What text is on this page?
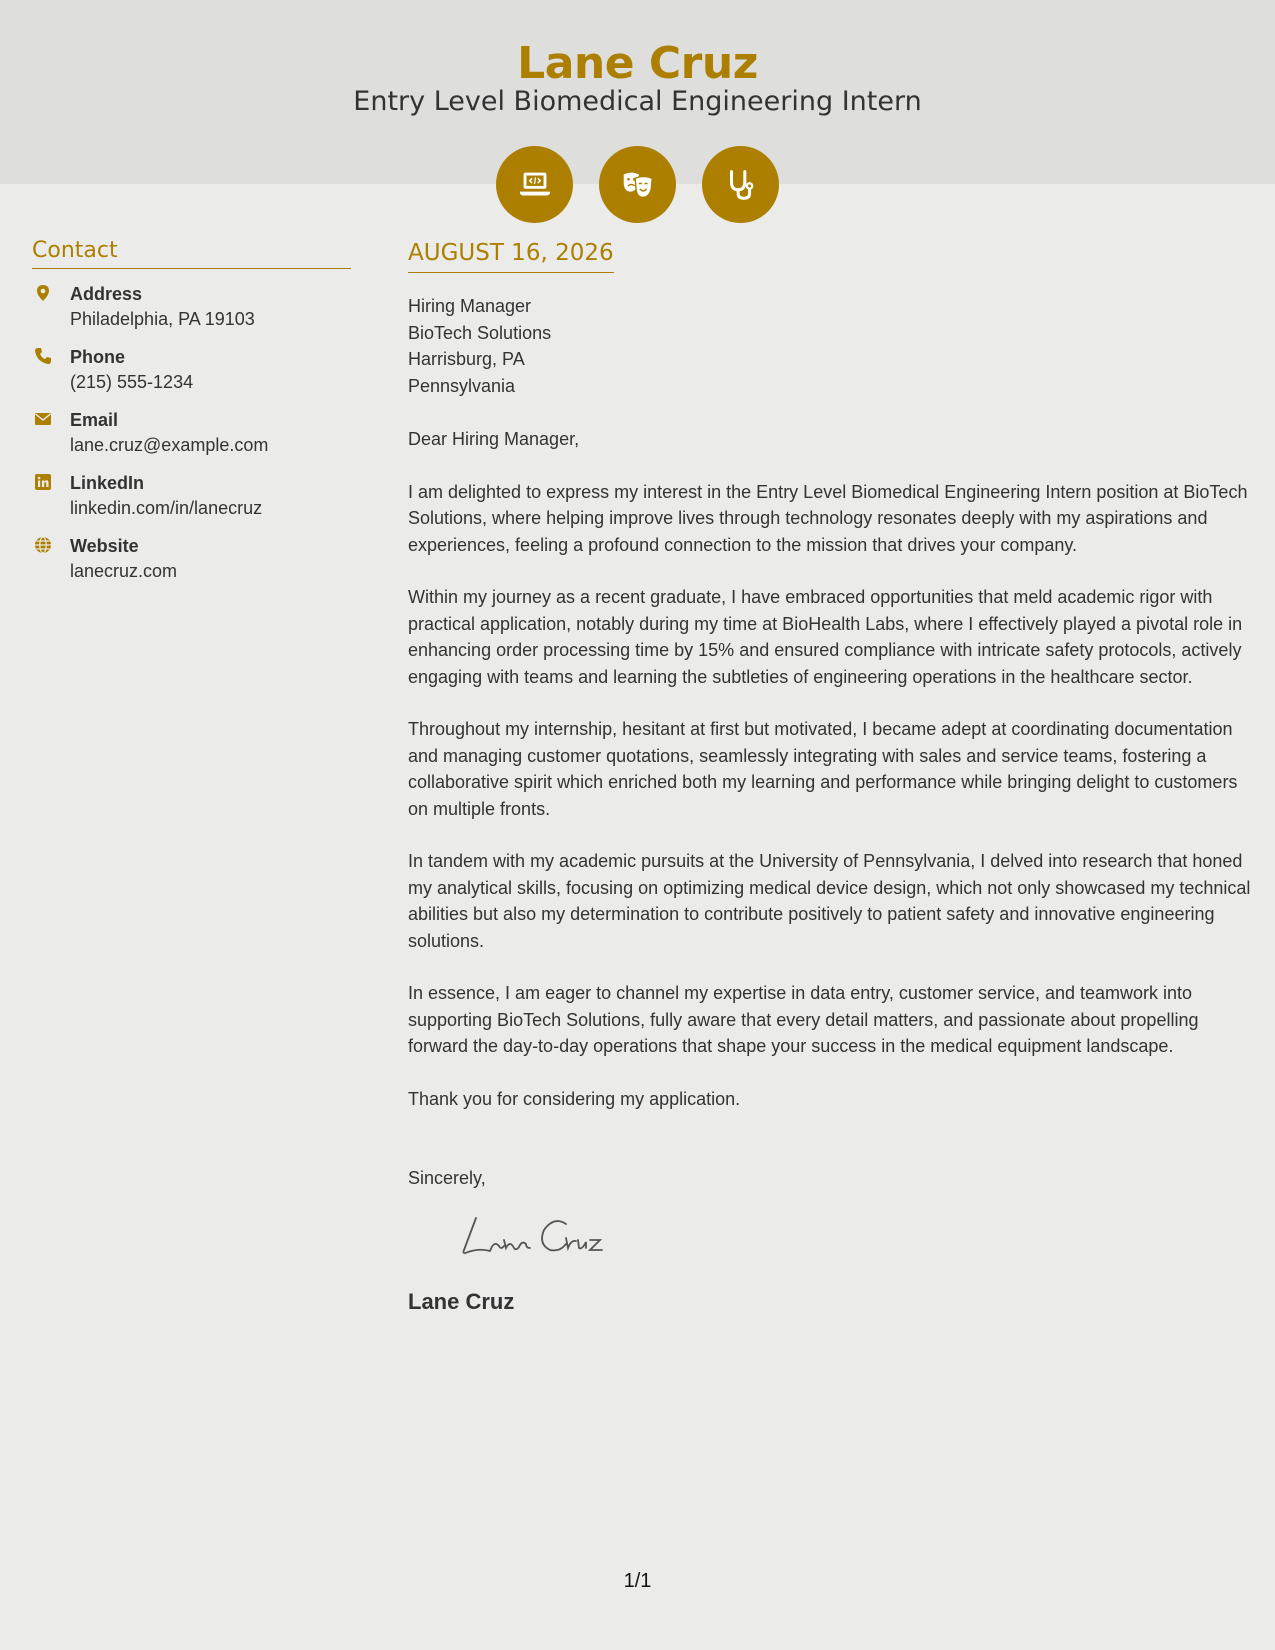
Lane Cruz
Entry Level Biomedical Engineering Intern
Contact
Address
Philadelphia, PA 19103
Phone
(215) 555-1234
Email
lane.cruz@example.com
LinkedIn
linkedin.com/in/lanecruz
Website
lanecruz.com
AUGUST 16, 2026
Hiring Manager
BioTech Solutions
Harrisburg, PA
Pennsylvania
Dear Hiring Manager,

I am delighted to express my interest in the Entry Level Biomedical Engineering Intern position at BioTech Solutions, where helping improve lives through technology resonates deeply with my aspirations and experiences, feeling a profound connection to the mission that drives your company.

Within my journey as a recent graduate, I have embraced opportunities that meld academic rigor with practical application, notably during my time at BioHealth Labs, where I effectively played a pivotal role in enhancing order processing time by 15% and ensured compliance with intricate safety protocols, actively engaging with teams and learning the subtleties of engineering operations in the healthcare sector.

Throughout my internship, hesitant at first but motivated, I became adept at coordinating documentation and managing customer quotations, seamlessly integrating with sales and service teams, fostering a collaborative spirit which enriched both my learning and performance while bringing delight to customers on multiple fronts.

In tandem with my academic pursuits at the University of Pennsylvania, I delved into research that honed my analytical skills, focusing on optimizing medical device design, which not only showcased my technical abilities but also my determination to contribute positively to patient safety and innovative engineering solutions.

In essence, I am eager to channel my expertise in data entry, customer service, and teamwork into supporting BioTech Solutions, fully aware that every detail matters, and passionate about propelling forward the day-to-day operations that shape your success in the medical equipment landscape.

Thank you for considering my application.

Sincerely,
Lane Cruz
1/1
